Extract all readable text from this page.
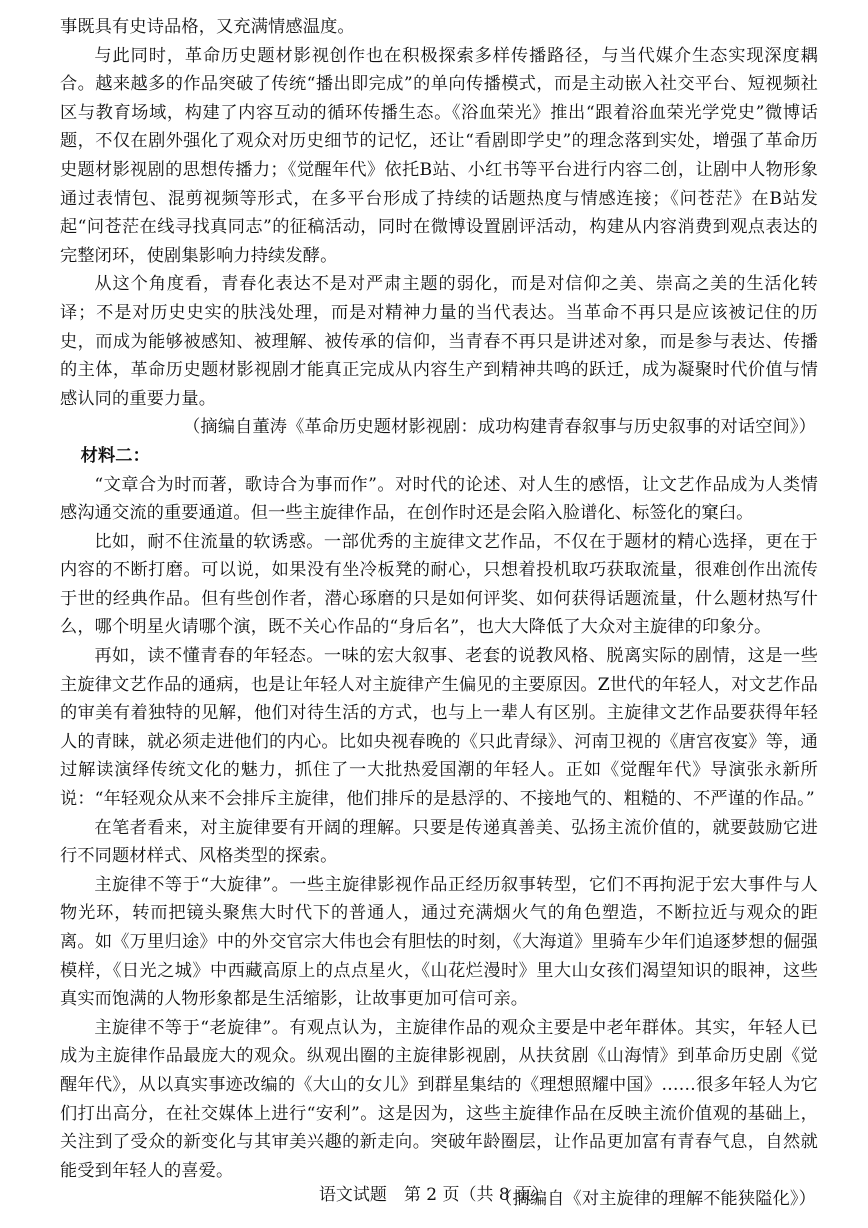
事既具有史诗品格，又充满情感温度。

与此同时，革命历史题材影视创作也在积极探索多样传播路径，与当代媒介生态实现深度耦合。越来越多的作品突破了传统“播出即完成”的单向传播模式，而是主动嵌入社交平台、短视频社区与教育场域，构建了内容互动的循环传播生态。《浴血荣光》推出“跟着浴血荣光学党史”微博话题，不仅在剧外强化了观众对历史细节的记忆，还让“看剧即学史”的理念落到实处，增强了革命历史题材影视剧的思想传播力；《觉醒年代》依托B站、小红书等平台进行内容二创，让剧中人物形象通过表情包、混剪视频等形式，在多平台形成了持续的话题热度与情感连接；《问苍茫》在B站发起“问苍茫在线寻找真同志”的征稿活动，同时在微博设置剧评活动，构建从内容消费到观点表达的完整闭环，使剧集影响力持续发酵。

从这个角度看，青春化表达不是对严肃主题的弱化，而是对信仰之美、崇高之美的生活化转译；不是对历史史实的肤浅处理，而是对精神力量的当代表达。当革命不再只是应该被记住的历史，而成为能够被感知、被理解、被传承的信仰，当青春不再只是讲述对象，而是参与表达、传播的主体，革命历史题材影视剧才能真正完成从内容生产到精神共鸣的跃迁，成为凝聚时代价值与情感认同的重要力量。

（摘编自董涛《革命历史题材影视剧：成功构建青春叙事与历史叙事的对话空间》）

材料二：

“文章合为时而著，歌诗合为事而作”。对时代的论述、对人生的感悟，让文艺作品成为人类情感沟通交流的重要通道。但一些主旋律作品，在创作时还是会陷入脸谱化、标签化的窠臼。

比如，耐不住流量的软诱惑。一部优秀的主旋律文艺作品，不仅在于题材的精心选择，更在于内容的不断打磨。可以说，如果没有坐冷板凳的耐心，只想着投机取巧获取流量，很难创作出流传于世的经典作品。但有些创作者，潜心琢磨的只是如何评奖、如何获得话题流量，什么题材热写什么，哪个明星火请哪个演，既不关心作品的“身后名”，也大大降低了大众对主旋律的印象分。

再如，读不懂青春的年轻态。一味的宏大叙事、老套的说教风格、脱离实际的剧情，这是一些主旋律文艺作品的通病，也是让年轻人对主旋律产生偏见的主要原因。Z世代的年轻人，对文艺作品的审美有着独特的见解，他们对待生活的方式，也与上一辈人有区别。主旋律文艺作品要获得年轻人的青睐，就必须走进他们的内心。比如央视春晚的《只此青绿》、河南卫视的《唐宫夜宴》等，通过解读演绎传统文化的魅力，抓住了一大批热爱国潮的年轻人。正如《觉醒年代》导演张永新所说：“年轻观众从来不会排斥主旋律，他们排斥的是悬浮的、不接地气的、粗糙的、不严谨的作品。”

在笔者看来，对主旋律要有开阔的理解。只要是传递真善美、弘扬主流价值的，就要鼓励它进行不同题材样式、风格类型的探索。

主旋律不等于“大旋律”。一些主旋律影视作品正经历叙事转型，它们不再拘泥于宏大事件与人物光环，转而把镜头聚焦大时代下的普通人，通过充满烟火气的角色塑造，不断拉近与观众的距离。如《万里归途》中的外交官宗大伟也会有胆怯的时刻，《大海道》里骑车少年们追逐梦想的倔强模样，《日光之城》中西藏高原上的点点星火，《山花烂漫时》里大山女孩们渴望知识的眼神，这些真实而饱满的人物形象都是生活缩影，让故事更加可信可亲。

主旋律不等于“老旋律”。有观点认为，主旋律作品的观众主要是中老年群体。其实，年轻人已成为主旋律作品最庞大的观众。纵观出圈的主旋律影视剧，从扶贫剧《山海情》到革命历史剧《觉醒年代》，从以真实事迹改编的《大山的女儿》到群星集结的《理想照耀中国》……很多年轻人为它们打出高分，在社交媒体上进行“安利”。这是因为，这些主旋律作品在反映主流价值观的基础上，关注到了受众的新变化与其审美兴趣的新走向。突破年龄圈层，让作品更加富有青春气息，自然就能受到年轻人的喜爱。

（摘编自《对主旋律的理解不能狭隘化》）

语文试题　第 2 页（共 8 页）
